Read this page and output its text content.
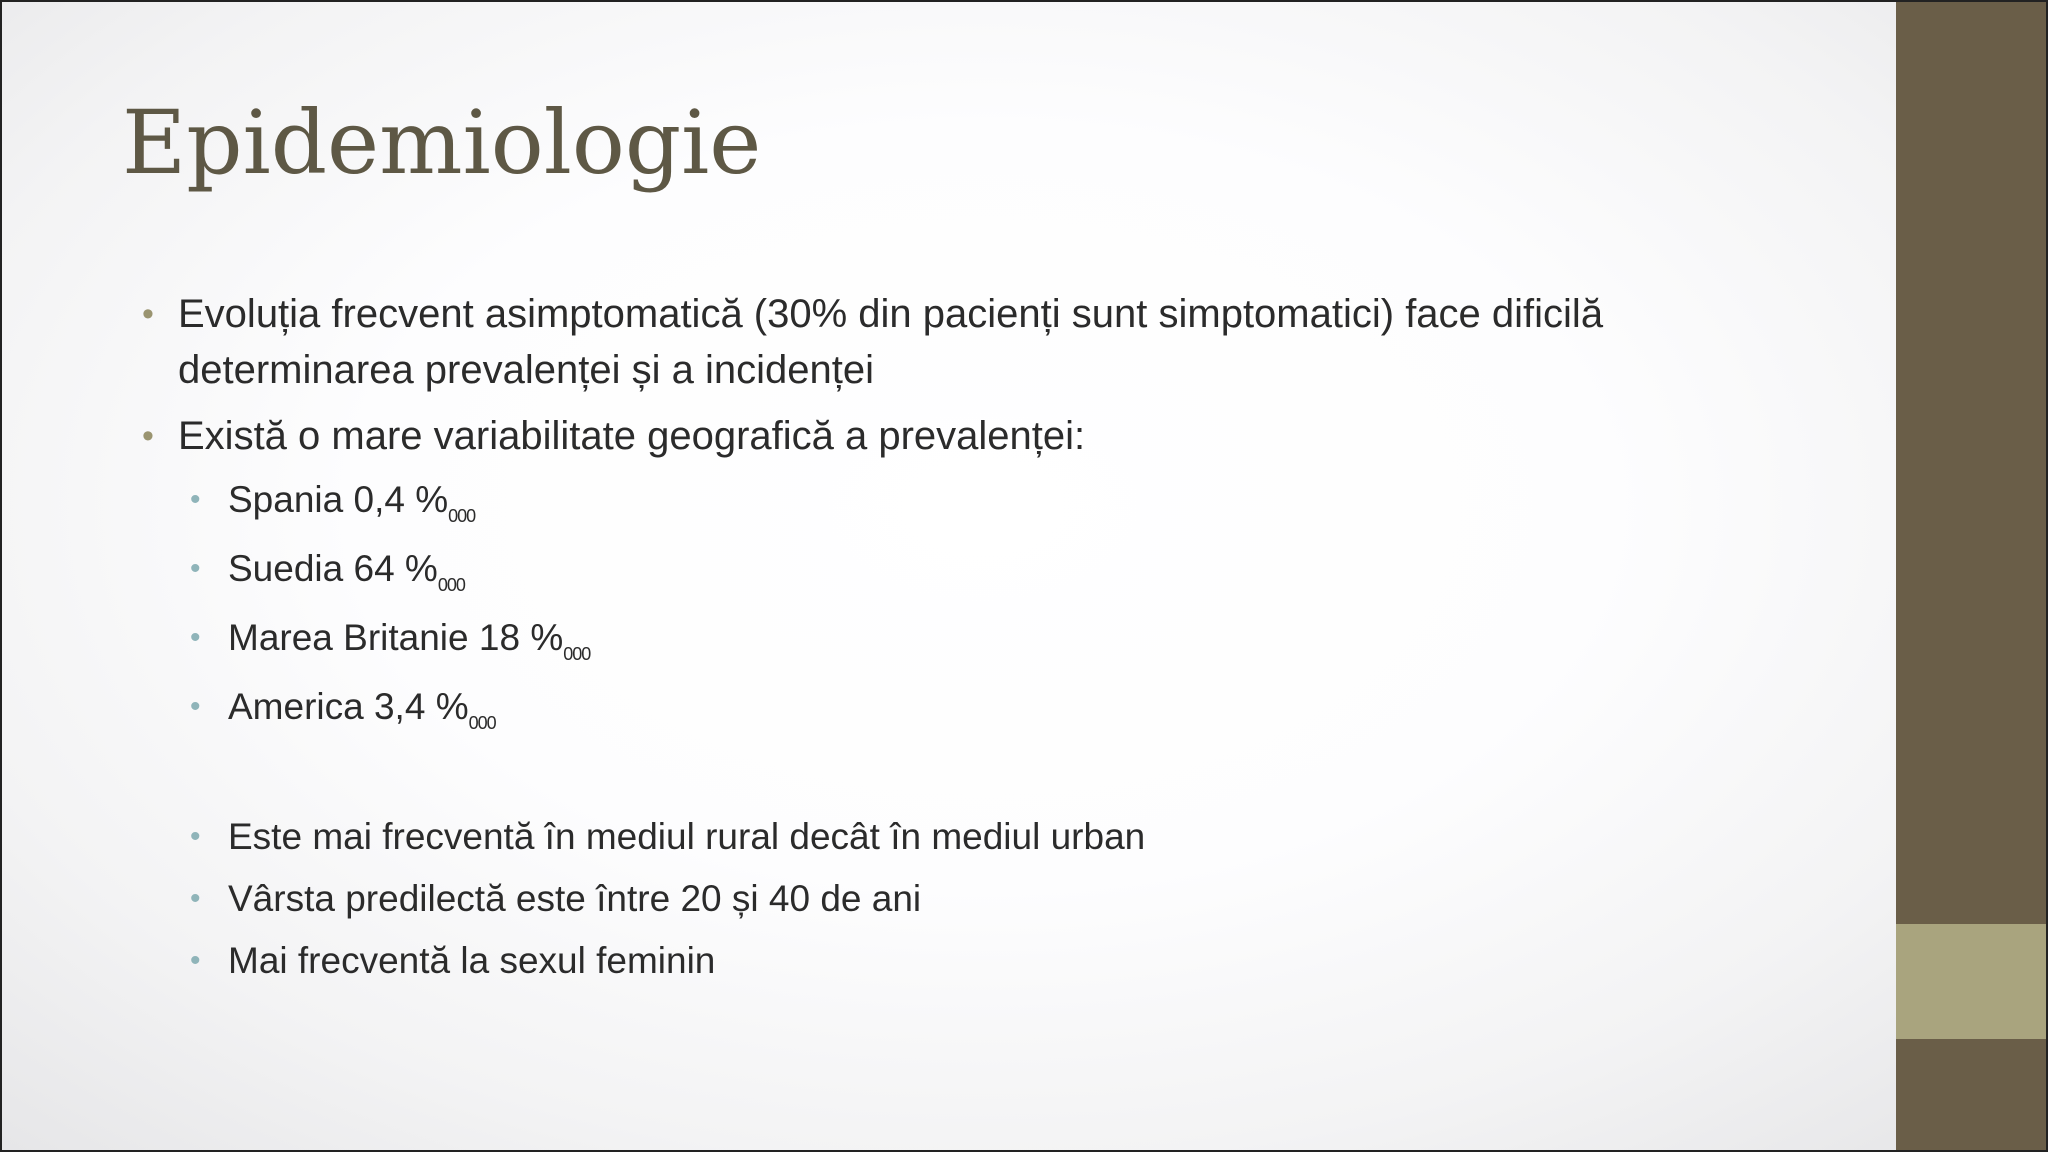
Epidemiologie

• Evoluția frecvent asimptomatică (30% din pacienți sunt simptomatici) face dificilă determinarea prevalenței și a incidenței

• Există o mare variabilitate geografică a prevalenței:

• Spania 0,4 $\%_{000}$

• Suedia 64 $\%_{000}$

• Marea Britanie 18 $\%_{000}$

• America 3,4 $\%_{000}$

• Este mai frecventă în mediul rural decât în mediul urban

• Vârsta predilectă este între 20 și 40 de ani

• Mai frecventă la sexul feminin
